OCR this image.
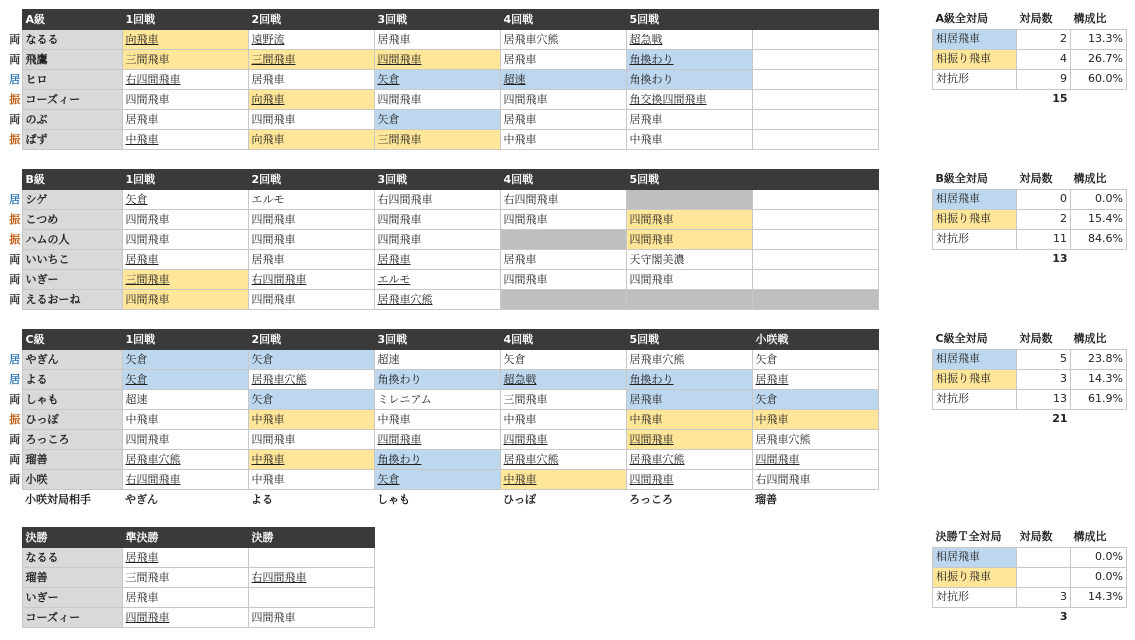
	A級	1回戦	2回戦	3回戦	4回戦	5回戦	
両	なるる	向飛車	遠野流	居飛車	居飛車穴熊	超急戦	
両	飛鷹	三間飛車	三間飛車	四間飛車	居飛車	角換わり	
居	ヒロ	右四間飛車	居飛車	矢倉	超速	角換わり	
振	コーズィー	四間飛車	向飛車	四間飛車	四間飛車	角交換四間飛車	
両	のぶ	居飛車	四間飛車	矢倉	居飛車	居飛車	
振	ぱず	中飛車	向飛車	三間飛車	中飛車	中飛車	
	B級	1回戦	2回戦	3回戦	4回戦	5回戦	
居	シゲ	矢倉	エルモ	右四間飛車	右四間飛車		
振	こつめ	四間飛車	四間飛車	四間飛車	四間飛車	四間飛車	
振	ハムの人	四間飛車	四間飛車	四間飛車		四間飛車	
両	いいちこ	居飛車	居飛車	居飛車	居飛車	天守閣美濃	
両	いぎー	三間飛車	右四間飛車	エルモ	四間飛車	四間飛車	
両	えるおーね	四間飛車	四間飛車	居飛車穴熊			
	C級	1回戦	2回戦	3回戦	4回戦	5回戦	小咲戦
居	やぎん	矢倉	矢倉	超速	矢倉	居飛車穴熊	矢倉
居	よる	矢倉	居飛車穴熊	角換わり	超急戦	角換わり	居飛車
両	しゃも	超速	矢倉	ミレニアム	三間飛車	居飛車	矢倉
振	ひっぽ	中飛車	中飛車	中飛車	中飛車	中飛車	中飛車
両	ろっころ	四間飛車	四間飛車	四間飛車	四間飛車	四間飛車	居飛車穴熊
両	瑠善	居飛車穴熊	中飛車	角換わり	居飛車穴熊	居飛車穴熊	四間飛車
両	小咲	右四間飛車	中飛車	矢倉	中飛車	四間飛車	右四間飛車
	小咲対局相手	やぎん	よる	しゃも	ひっぽ	ろっころ	瑠善
	決勝	準決勝	決勝
	なるる	居飛車	
	瑠善	三間飛車	右四間飛車
	いぎー	居飛車	
	コーズィー	四間飛車	四間飛車
A級全対局	対局数	構成比
相居飛車	2	13.3%
相振り飛車	4	26.7%
対抗形	9	60.0%
	15	
B級全対局	対局数	構成比
相居飛車	0	0.0%
相振り飛車	2	15.4%
対抗形	11	84.6%
	13	
C級全対局	対局数	構成比
相居飛車	5	23.8%
相振り飛車	3	14.3%
対抗形	13	61.9%
	21	
決勝Ｔ全対局	対局数	構成比
相居飛車		0.0%
相振り飛車		0.0%
対抗形	3	14.3%
	3	
